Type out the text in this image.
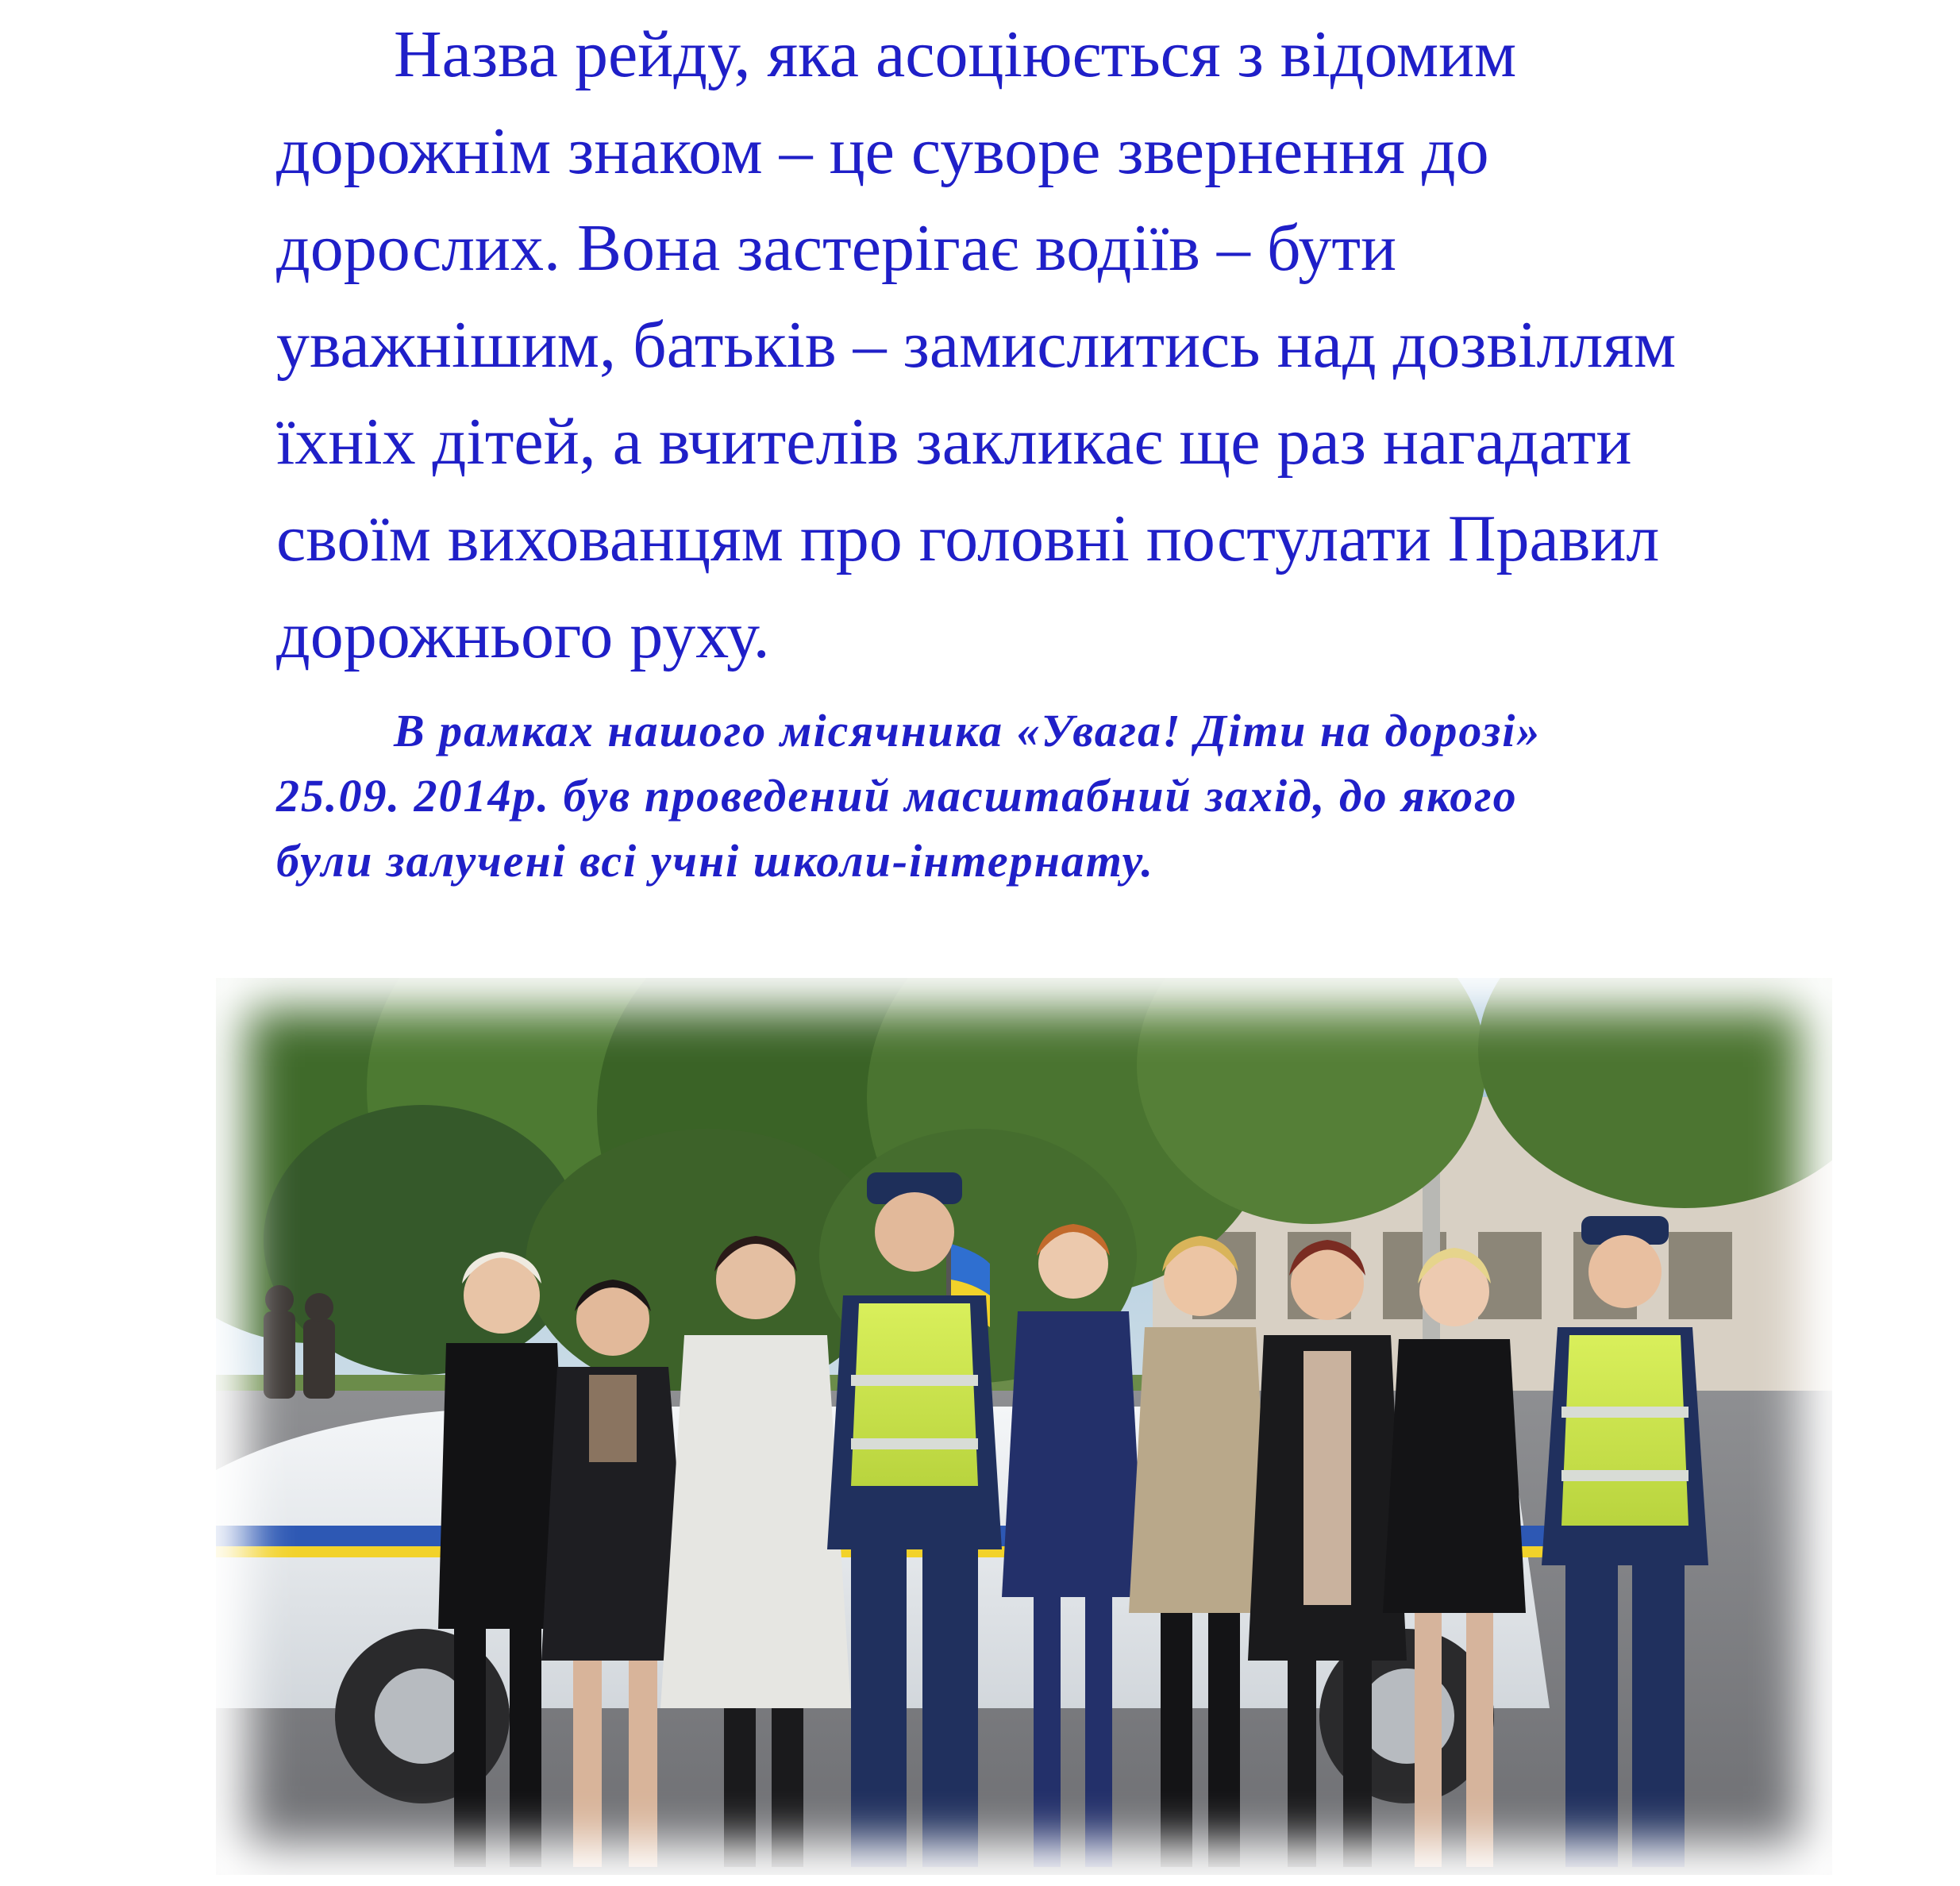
Назва рейду, яка асоціюється з відомим
дорожнім знаком – це суворе звернення до
дорослих. Вона застерігає водіїв – бути
уважнішим, батьків – замислитись над дозвіллям
їхніх дітей, а вчителів закликає ще раз нагадати
своїм вихованцям про головні постулати Правил
дорожнього руху.

В рамках нашого місячника «Увага! Діти на дорозі»
25.09. 2014р. був проведений масштабний захід, до якого
були залучені всі учні школи-інтернату.
